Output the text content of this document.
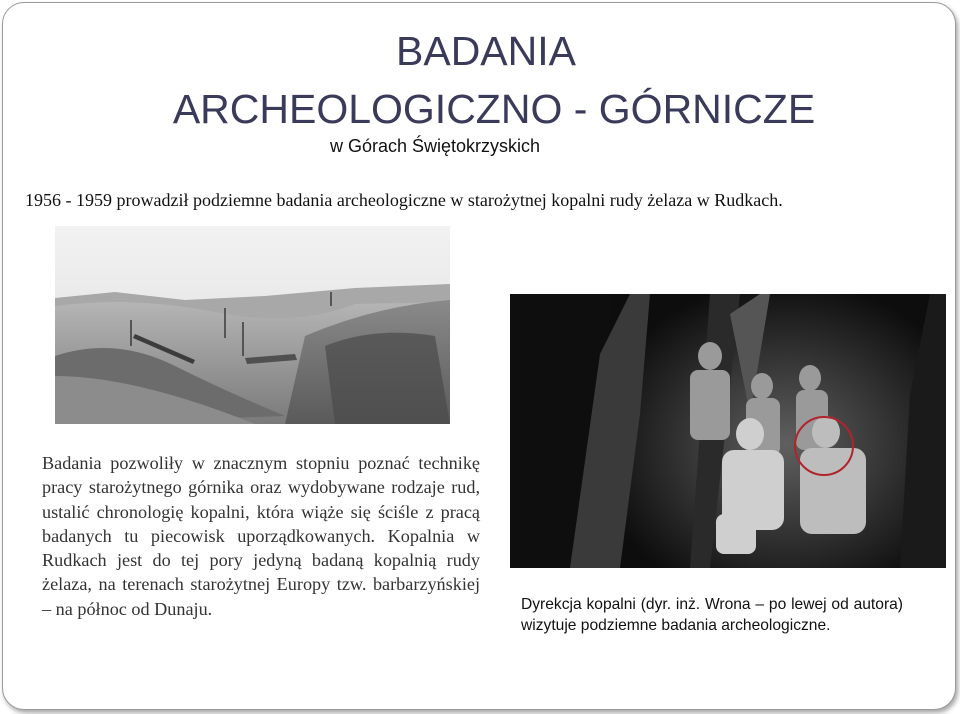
BADANIA
ARCHEOLOGICZNO - GÓRNICZE
w Górach Świętokrzyskich
1956 - 1959 prowadził podziemne badania archeologiczne w starożytnej kopalni rudy żelaza w Rudkach.
Badania pozwoliły w znacznym stopniu poznać technikę pracy starożytnego górnika oraz wydobywane rodzaje rud, ustalić chronologię kopalni, która wiąże się ściśle z pracą badanych tu piecowisk uporządkowanych. Kopalnia w Rudkach jest do tej pory jedyną badaną kopalnią rudy żelaza, na terenach starożytnej Europy tzw. barbarzyńskiej – na północ od Dunaju.	Dyrekcja kopalni (dyr. inż. Wrona – po lewej od autora) wizytuje podziemne badania archeologiczne.
